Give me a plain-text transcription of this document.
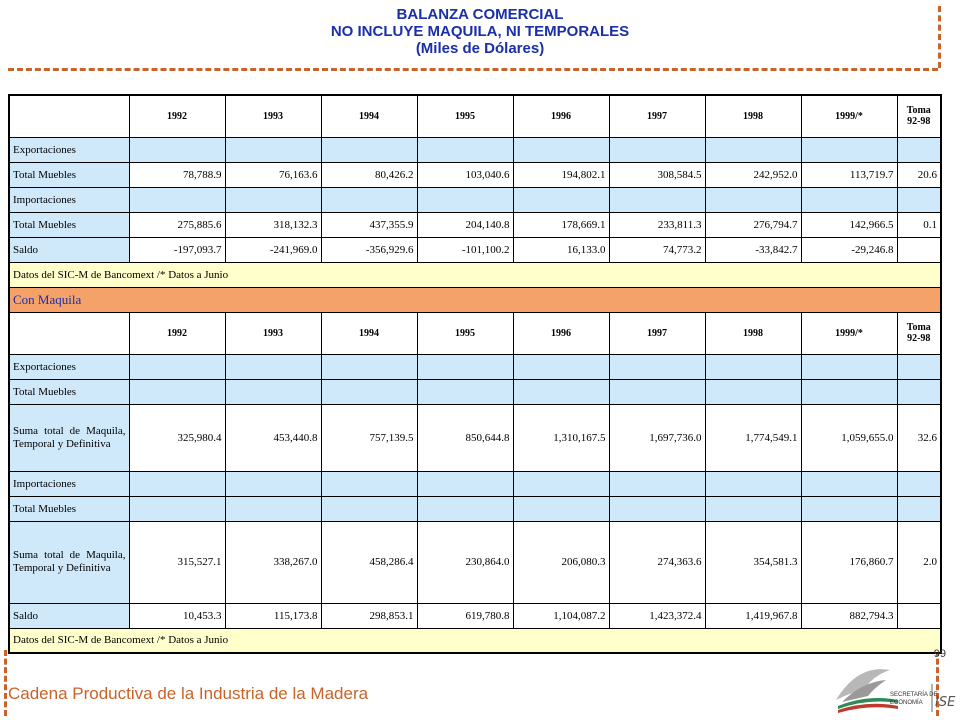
BALANZA COMERCIAL
NO INCLUYE MAQUILA, NI TEMPORALES
(Miles de Dólares)
	1992	1993	1994	1995	1996	1997	1998	1999/*	Toma 92-98
Exportaciones									
Total Muebles	78,788.9	76,163.6	80,426.2	103,040.6	194,802.1	308,584.5	242,952.0	113,719.7	20.6
Importaciones									
Total Muebles	275,885.6	318,132.3	437,355.9	204,140.8	178,669.1	233,811.3	276,794.7	142,966.5	0.1
Saldo	-197,093.7	-241,969.0	-356,929.6	-101,100.2	16,133.0	74,773.2	-33,842.7	-29,246.8	
Datos del SIC-M de Bancomext /* Datos a Junio									
Con Maquila									
	1992	1993	1994	1995	1996	1997	1998	1999/*	Toma 92-98
Exportaciones									
Total Muebles									
Suma total de Maquila, Temporal y Definitiva	325,980.4	453,440.8	757,139.5	850,644.8	1,310,167.5	1,697,736.0	1,774,549.1	1,059,655.0	32.6
Importaciones									
Total Muebles									
Suma total de Maquila, Temporal y Definitiva	315,527.1	338,267.0	458,286.4	230,864.0	206,080.3	274,363.6	354,581.3	176,860.7	2.0
Saldo	10,453.3	115,173.8	298,853.1	619,780.8	1,104,087.2	1,423,372.4	1,419,967.8	882,794.3	
Datos del SIC-M de Bancomext /* Datos a Junio									
99
Cadena Productiva de la Industria de la Madera	SECRETARÍA DE
ECONOMÍA ISE
